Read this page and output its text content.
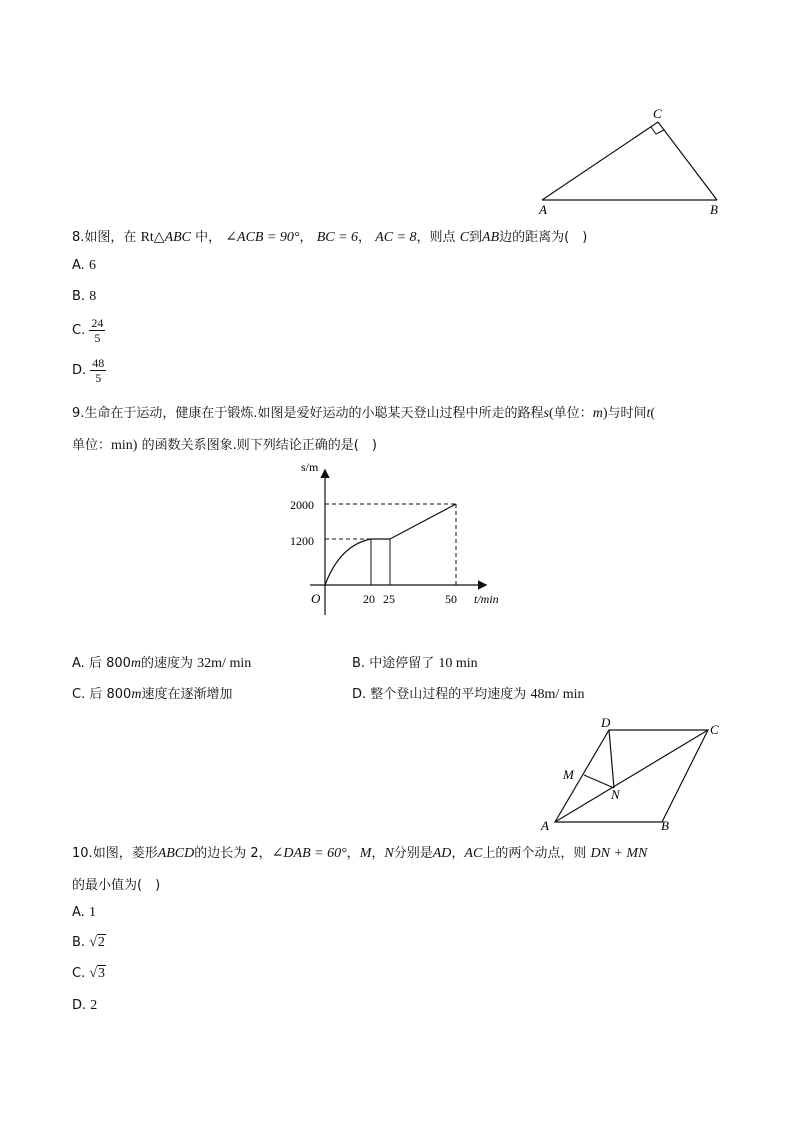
A	B
C
8.如图，在 Rt△ABC 中， ∠ACB = 90°， BC = 6， AC = 8，则点 C到AB边的距离为(　)
A. 6
B. 8
C. $\frac{24}{5}$
D. $\frac{48}{5}$
9.生命在于运动，健康在于锻炼.如图是爱好运动的小聪某天登山过程中所走的路程s(单位：m)与时间t(
单位：min) 的函数关系图象.则下列结论正确的是(　)
s/m
t/min
O
2000
1200
20 25	50
A. 后 800m的速度为 32m/ min	B. 中途停留了 10 min
C. 后 800m速度在逐渐增加	D. 整个登山过程的平均速度为 48m/ min
A	B
C
D
M
N
10.如图，菱形ABCD的边长为 2，∠DAB = 60°，M，N分别是AD，AC上的两个动点，则 DN + MN
的最小值为(　)
A. 1
B. √2
C. √3
D. 2
